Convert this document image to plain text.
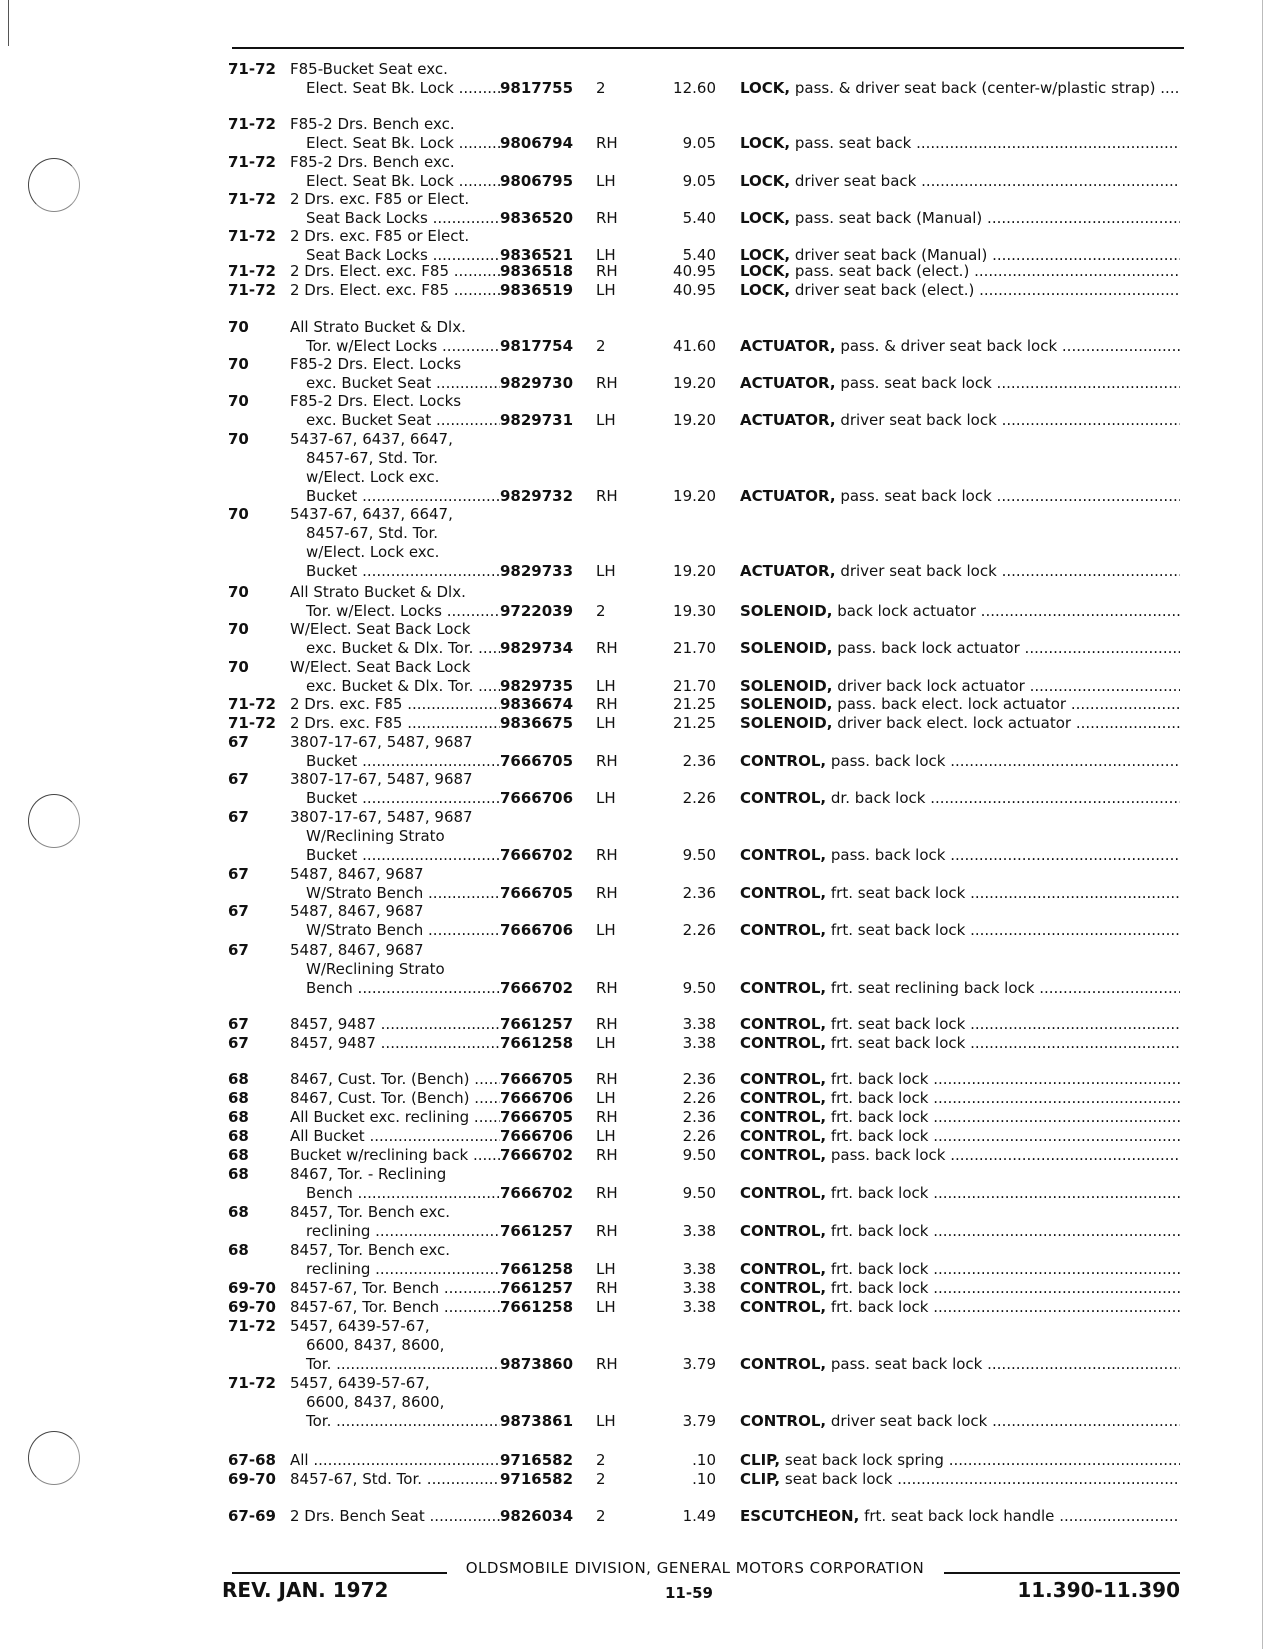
71-72 F85-Bucket Seat exc.
Elect. Seat Bk. Lock .....	9817755	2	12.60 LOCK, pass. & driver seat back (center-w/plastic strap) .....
71-72 F85-2 Drs. Bench exc.
Elect. Seat Bk. Lock .....	9806794	RH	9.05 LOCK, pass. seat back .....
71-72 F85-2 Drs. Bench exc.
Elect. Seat Bk. Lock .....	9806795	LH	9.05 LOCK, driver seat back .....
71-72 2 Drs. exc. F85 or Elect.
Seat Back Locks .....	9836520	RH	5.40 LOCK, pass. seat back (Manual) .....
71-72 2 Drs. exc. F85 or Elect.
Seat Back Locks .....	9836521	LH	5.40 LOCK, driver seat back (Manual) .....
71-72 2 Drs. Elect. exc. F85 .....	9836518	RH	40.95 LOCK, pass. seat back (elect.) .....
71-72 2 Drs. Elect. exc. F85 .....	9836519	LH	40.95 LOCK, driver seat back (elect.) .....
70	All Strato Bucket & Dlx.
Tor. w/Elect Locks .....	9817754	2	41.60 ACTUATOR, pass. & driver seat back lock .....
70	F85-2 Drs. Elect. Locks
exc. Bucket Seat .....	9829730	RH	19.20 ACTUATOR, pass. seat back lock .....
70	F85-2 Drs. Elect. Locks
exc. Bucket Seat .....	9829731	LH	19.20 ACTUATOR, driver seat back lock .....
70	5437-67, 6437, 6647,
8457-67, Std. Tor.
w/Elect. Lock exc.
Bucket .....	9829732	RH	19.20 ACTUATOR, pass. seat back lock .....
70	5437-67, 6437, 6647,
8457-67, Std. Tor.
w/Elect. Lock exc.
Bucket .....	9829733	LH	19.20 ACTUATOR, driver seat back lock .....
70	All Strato Bucket & Dlx.
Tor. w/Elect. Locks .....	9722039	2	19.30 SOLENOID, back lock actuator .....
70	W/Elect. Seat Back Lock
exc. Bucket & Dlx. Tor. .....	9829734	RH	21.70 SOLENOID, pass. back lock actuator .....
70	W/Elect. Seat Back Lock
exc. Bucket & Dlx. Tor. .....	9829735	LH	21.70 SOLENOID, driver back lock actuator .....
71-72 2 Drs. exc. F85 .....	9836674	RH	21.25 SOLENOID, pass. back elect. lock actuator .....
71-72 2 Drs. exc. F85 .....	9836675	LH	21.25 SOLENOID, driver back elect. lock actuator .....
67	3807-17-67, 5487, 9687
Bucket .....	7666705	RH	2.36 CONTROL, pass. back lock .....
67	3807-17-67, 5487, 9687
Bucket .....	7666706	LH	2.26 CONTROL, dr. back lock .....
67	3807-17-67, 5487, 9687
W/Reclining Strato
Bucket .....	7666702	RH	9.50 CONTROL, pass. back lock .....
67	5487, 8467, 9687
W/Strato Bench .....	7666705	RH	2.36 CONTROL, frt. seat back lock .....
67	5487, 8467, 9687
W/Strato Bench .....	7666706	LH	2.26 CONTROL, frt. seat back lock .....
67	5487, 8467, 9687
W/Reclining Strato
Bench .....	7666702	RH	9.50 CONTROL, frt. seat reclining back lock .....
67	8457, 9487 .....	7661257	RH	3.38 CONTROL, frt. seat back lock .....
67	8457, 9487 .....	7661258	LH	3.38 CONTROL, frt. seat back lock .....
68	8467, Cust. Tor. (Bench) .....	7666705	RH	2.36 CONTROL, frt. back lock .....
68	8467, Cust. Tor. (Bench) .....	7666706	LH	2.26 CONTROL, frt. back lock .....
68	All Bucket exc. reclining .....	7666705	RH	2.36 CONTROL, frt. back lock .....
68	All Bucket .....	7666706	LH	2.26 CONTROL, frt. back lock .....
68	Bucket w/reclining back .....	7666702	RH	9.50 CONTROL, pass. back lock .....
68	8467, Tor. - Reclining
Bench .....	7666702	RH	9.50 CONTROL, frt. back lock .....
68	8457, Tor. Bench exc.
reclining .....	7661257	RH	3.38 CONTROL, frt. back lock .....
68	8457, Tor. Bench exc.
reclining .....	7661258	LH	3.38 CONTROL, frt. back lock .....
69-70 8457-67, Tor. Bench .....	7661257	RH	3.38 CONTROL, frt. back lock .....
69-70 8457-67, Tor. Bench .....	7661258	LH	3.38 CONTROL, frt. back lock .....
71-72 5457, 6439-57-67,
6600, 8437, 8600,
Tor. .....	9873860	RH	3.79 CONTROL, pass. seat back lock .....
71-72 5457, 6439-57-67,
6600, 8437, 8600,
Tor. .....	9873861	LH	3.79 CONTROL, driver seat back lock .....
67-68 All .....	9716582	2	.10 CLIP, seat back lock spring .....
69-70 8457-67, Std. Tor. .....	9716582	2	.10 CLIP, seat back lock .....
67-69 2 Drs. Bench Seat .....	9826034	2	1.49 ESCUTCHEON, frt. seat back lock handle .....
OLDSMOBILE DIVISION, GENERAL MOTORS CORPORATION
REV. JAN. 1972	11-59	11.390-11.390
